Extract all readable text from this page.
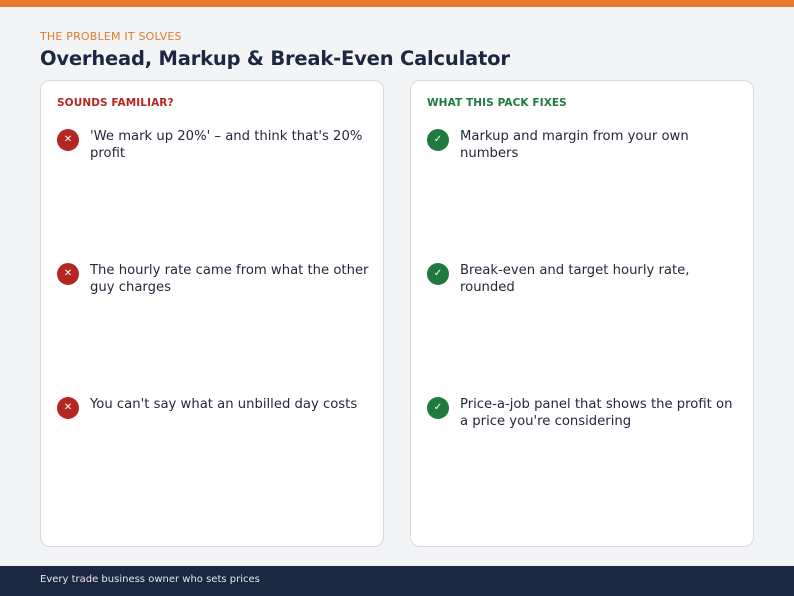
THE PROBLEM IT SOLVES
Overhead, Markup & Break-Even Calculator
SOUNDS FAMILIAR?
✕	'We mark up 20%' – and think that's 20% profit
✕	The hourly rate came from what the other guy charges
✕	You can't say what an unbilled day costs
WHAT THIS PACK FIXES
✓	Markup and margin from your own numbers
✓	Break-even and target hourly rate, rounded
✓	Price-a-job panel that shows the profit on a price you're considering
Every trade business owner who sets prices
